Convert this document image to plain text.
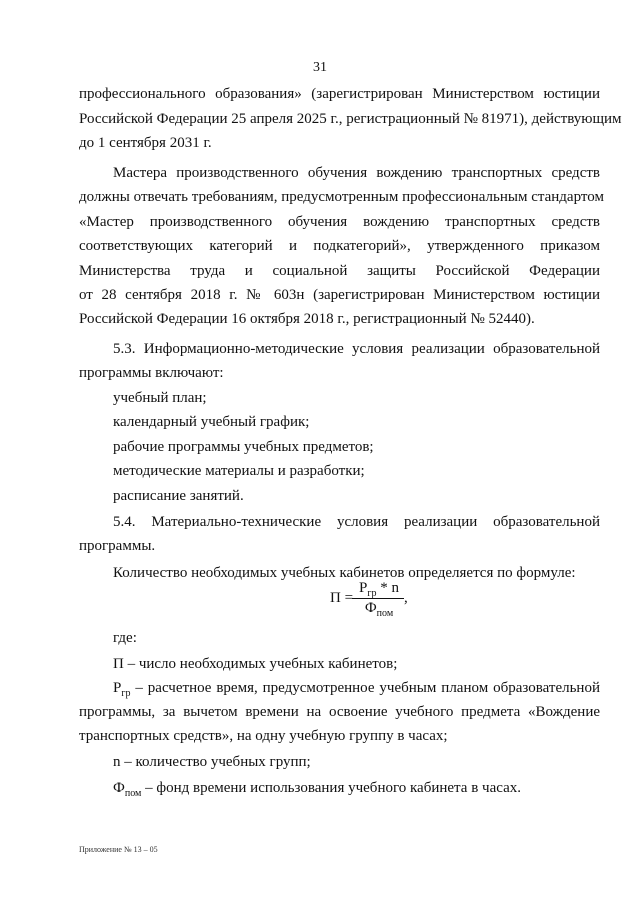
31
профессионального образования» (зарегистрирован Министерством юстиции
Российской Федерации 25 апреля 2025 г., регистрационный № 81971), действующим
до 1 сентября 2031 г.
Мастера производственного обучения вождению транспортных средств
должны отвечать требованиям, предусмотренным профессиональным стандартом
«Мастер производственного обучения вождению транспортных средств
соответствующих категорий и подкатегорий», утвержденного приказом
Министерства труда и социальной защиты Российской Федерации
от 28 сентября 2018 г. № 603н (зарегистрирован Министерством юстиции
Российской Федерации 16 октября 2018 г., регистрационный № 52440).
5.3. Информационно-методические условия реализации образовательной
программы включают:
учебный план;
календарный учебный график;
рабочие программы учебных предметов;
методические материалы и разработки;
расписание занятий.
5.4. Материально-технические условия реализации образовательной
программы.
Количество необходимых учебных кабинетов определяется по формуле:
где:
П – число необходимых учебных кабинетов;
программы, за вычетом времени на освоение учебного предмета «Вождение
транспортных средств», на одну учебную группу в часах;
n – количество учебных групп;
$Р_{гр}$ – расчетное время, предусмотренное учебным планом образовательной
$Ф_{пом}$ – фонд времени использования учебного кабинета в часах.
П =
$Р_{гр}$ * n
$Ф_{пом}$
,
Приложение № 13 – 05
